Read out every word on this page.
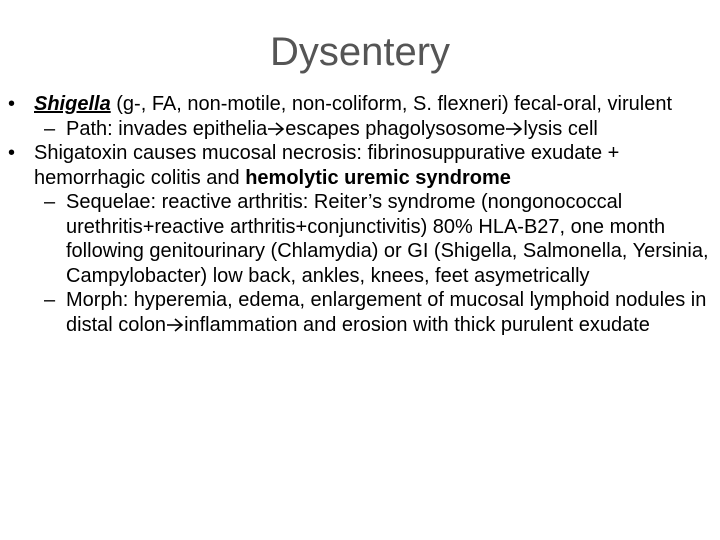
Dysentery

• Shigella (g-, FA, non-motile, non-coliform, S. flexneri) fecal-oral, virulent

– Path: invades epithelia escapes phagolysosome lysis cell

• Shigatoxin causes mucosal necrosis: fibrinosuppurative exudate + hemorrhagic colitis and hemolytic uremic syndrome

– Sequelae: reactive arthritis: Reiter’s syndrome (nongonococcal urethritis+reactive arthritis+conjunctivitis) 80% HLA-B27, one month following genitourinary (Chlamydia) or GI (Shigella, Salmonella, Yersinia, Campylobacter) low back, ankles, knees, feet asymetrically

– Morph: hyperemia, edema, enlargement of mucosal lymphoid nodules in distal colon inflammation and erosion with thick purulent exudate
